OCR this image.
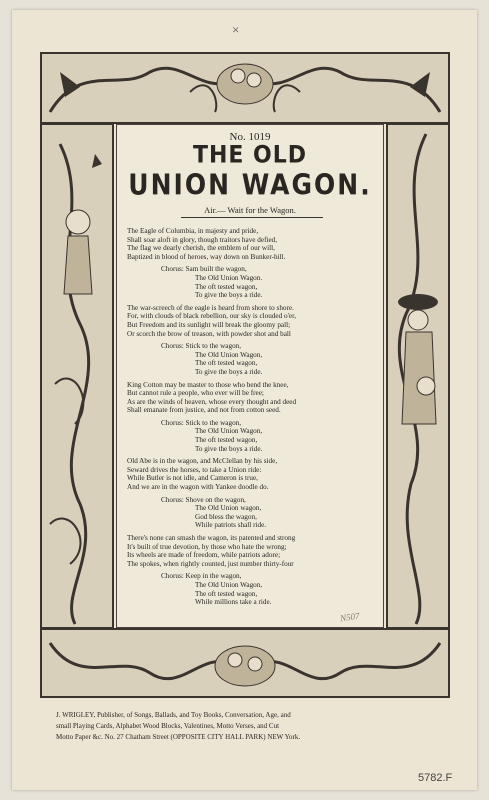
×
No. 1019
THE OLD
UNION WAGON.
Air.— Wait for the Wagon.
The Eagle of Columbia, in majesty and pride,
Shall soar aloft in glory, though traitors have defied,
The flag we dearly cherish, the emblem of our will,
Baptized in blood of heroes, way down on Bunker-hill.
Chorus: Sam built the wagon,
The Old Union Wagon.
The oft tested wagon,
To give the boys a ride.
The war-screech of the eagle is heard from shore to shore.
For, with clouds of black rebellion, our sky is clouded o'er,
But Freedom and its sunlight will break the gloomy pall;
Or scorch the brow of treason, with powder shot and ball
Chorus: Stick to the wagon,
The Old Union Wagon,
The oft tested wagon,
To give the boys a ride.
King Cotton may be master to those who bend the knee,
But cannot rule a people, who ever will be free;
As are the winds of heaven, whose every thought and deed
Shall emanate from justice, and not from cotton seed.
Chorus: Stick to the wagon,
The Old Union Wagon,
The oft tested wagon,
To give the boys a ride.
Old Abe is in the wagon, and McClellan by his side,
Seward drives the horses, to take a Union ride:
While Butler is not idle, and Cameron is true,
And we are in the wagon with Yankee doodle do.
Chorus: Shove on the wagon,
The Old Union wagon,
God bless the wagon,
While patriots shall ride.
There's none can smash the wagon, its patented and strong
It's built of true devotion, by those who hate the wrong;
Its wheels are made of freedom, while patriots adore;
The spokes, when rightly counted, just number thirty-four
Chorus: Keep in the wagon,
The Old Union Wagon,
The oft tested wagon,
While millions take a ride.
N507
J. WRIGLEY, Publisher, of Songs, Ballads, and Toy Books, Conversation, Age, and
small Playing Cards, Alphabet Wood Blocks, Valentines, Motto Verses, and Cut
Motto Paper &c. No. 27 Chatham Street (OPPOSITE CITY HALL PARK) NEW York.
5782.F
